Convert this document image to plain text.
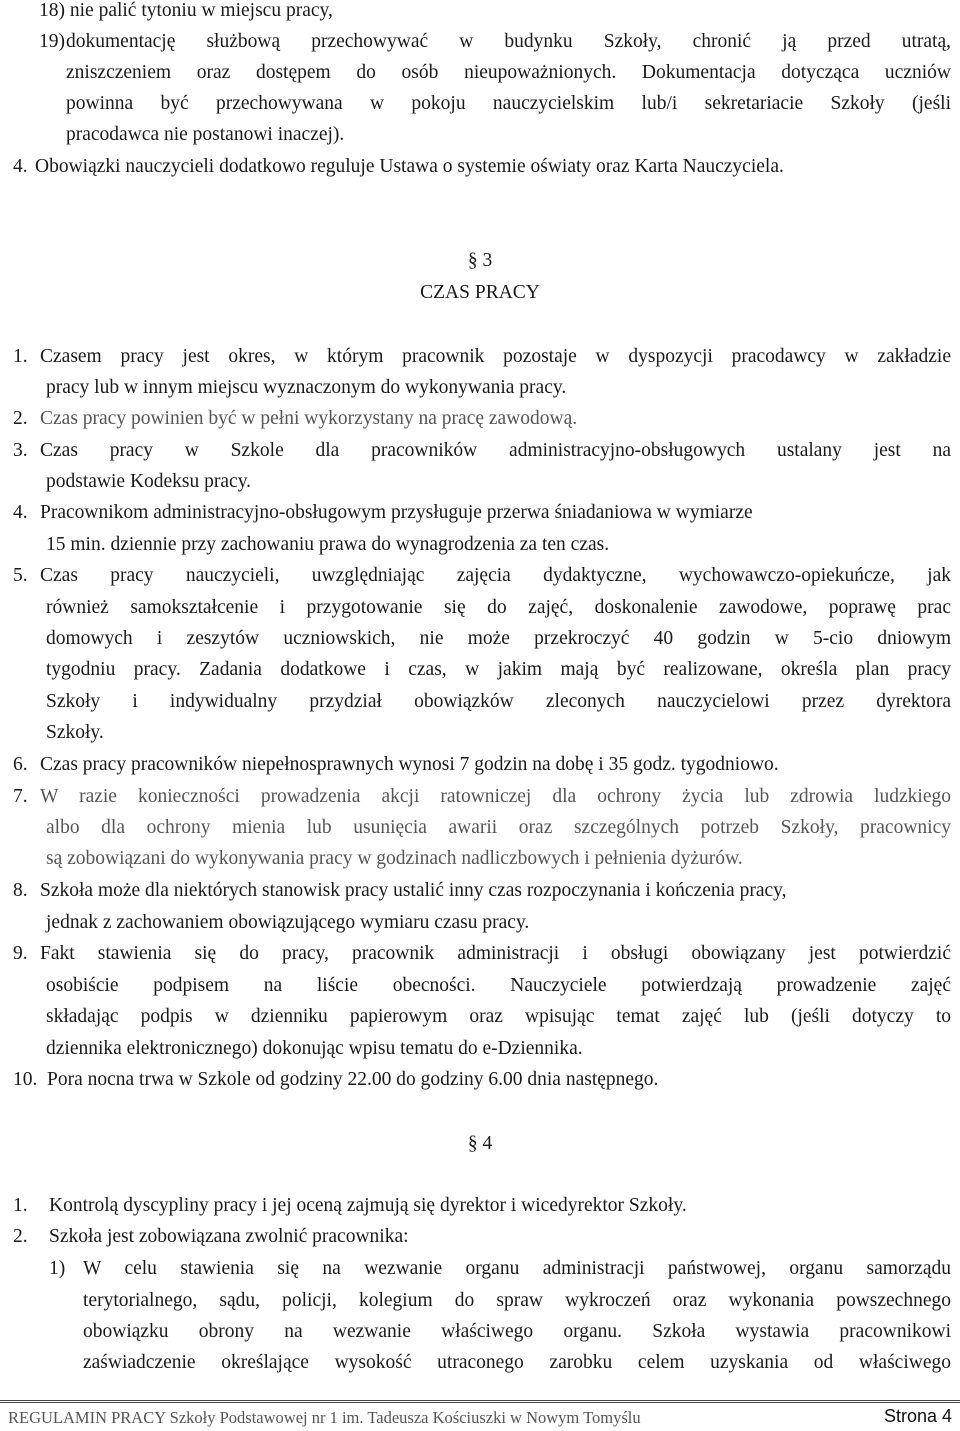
18) nie palić tytoniu w miejscu pracy,
19) dokumentację służbową przechowywać w budynku Szkoły, chronić ją przed utratą,
zniszczeniem oraz dostępem do osób nieupoważnionych. Dokumentacja dotycząca uczniów
powinna być przechowywana w pokoju nauczycielskim lub/i sekretariacie Szkoły (jeśli
pracodawca nie postanowi inaczej).
4. Obowiązki nauczycieli dodatkowo reguluje Ustawa o systemie oświaty oraz Karta Nauczyciela.
§ 3
CZAS PRACY
1. Czasem pracy jest okres, w którym pracownik pozostaje w dyspozycji pracodawcy w zakładzie
pracy lub w innym miejscu wyznaczonym do wykonywania pracy.
2. Czas pracy powinien być w pełni wykorzystany na pracę zawodową.
3. Czas pracy w Szkole dla pracowników administracyjno-obsługowych ustalany jest na
podstawie Kodeksu pracy.
4. Pracownikom administracyjno-obsługowym przysługuje przerwa śniadaniowa w wymiarze
15 min. dziennie przy zachowaniu prawa do wynagrodzenia za ten czas.
5. Czas pracy nauczycieli, uwzględniając zajęcia dydaktyczne, wychowawczo-opiekuńcze, jak
również samokształcenie i przygotowanie się do zajęć, doskonalenie zawodowe, poprawę prac
domowych i zeszytów uczniowskich, nie może przekroczyć 40 godzin w 5-cio dniowym
tygodniu pracy. Zadania dodatkowe i czas, w jakim mają być realizowane, określa plan pracy
Szkoły i indywidualny przydział obowiązków zleconych nauczycielowi przez dyrektora
Szkoły.
6. Czas pracy pracowników niepełnosprawnych wynosi 7 godzin na dobę i 35 godz. tygodniowo.
7. W razie konieczności prowadzenia akcji ratowniczej dla ochrony życia lub zdrowia ludzkiego
albo dla ochrony mienia lub usunięcia awarii oraz szczególnych potrzeb Szkoły, pracownicy
są zobowiązani do wykonywania pracy w godzinach nadliczbowych i pełnienia dyżurów.
8. Szkoła może dla niektórych stanowisk pracy ustalić inny czas rozpoczynania i kończenia pracy,
jednak z zachowaniem obowiązującego wymiaru czasu pracy.
9. Fakt stawienia się do pracy, pracownik administracji i obsługi obowiązany jest potwierdzić
osobiście podpisem na liście obecności. Nauczyciele potwierdzają prowadzenie zajęć
składając podpis w dzienniku papierowym oraz wpisując temat zajęć lub (jeśli dotyczy to
dziennika elektronicznego) dokonując wpisu tematu do e-Dziennika.
10. Pora nocna trwa w Szkole od godziny 22.00 do godziny 6.00 dnia następnego.
§ 4
1. Kontrolą dyscypliny pracy i jej oceną zajmują się dyrektor i wicedyrektor Szkoły.
2. Szkoła jest zobowiązana zwolnić pracownika:
1) W celu stawienia się na wezwanie organu administracji państwowej, organu samorządu
terytorialnego, sądu, policji, kolegium do spraw wykroczeń oraz wykonania powszechnego
obowiązku obrony na wezwanie właściwego organu. Szkoła wystawia pracownikowi
zaświadczenie określające wysokość utraconego zarobku celem uzyskania od właściwego
REGULAMIN PRACY Szkoły Podstawowej nr 1 im. Tadeusza Kościuszki w Nowym Tomyślu	Strona 4
